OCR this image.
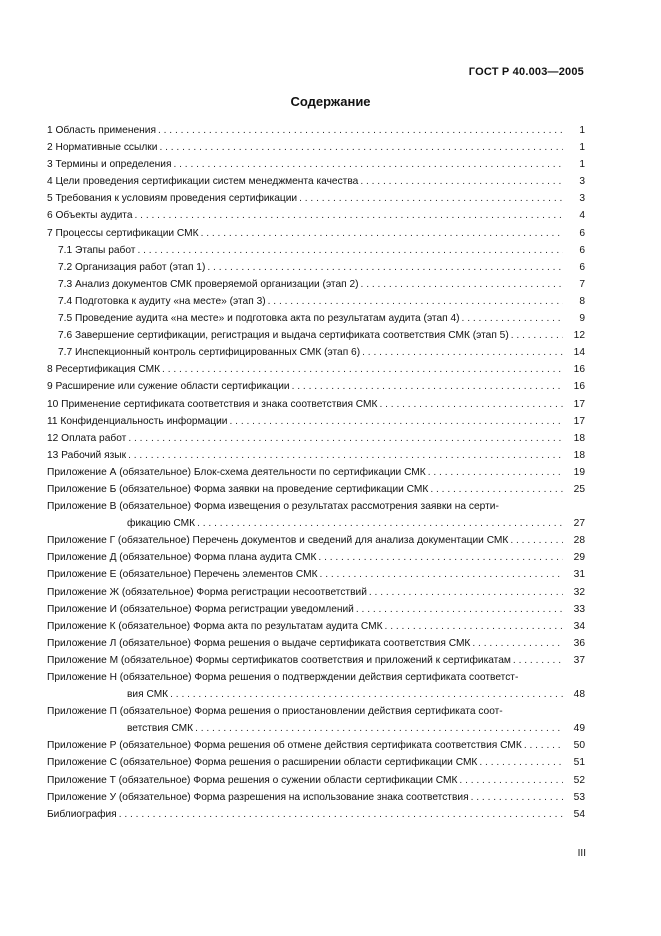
ГОСТ Р 40.003—2005
Содержание
1 Область применения . . .	1
2 Нормативные ссылки . . .	1
3 Термины и определения . . .	1
4 Цели проведения сертификации систем менеджмента качества . . .	3
5 Требования к условиям проведения сертификации . . .	3
6 Объекты аудита . . .	4
7 Процессы сертификации СМК . . .	6
7.1 Этапы работ . . .	6
7.2 Организация работ (этап 1) . . .	6
7.3 Анализ документов СМК проверяемой организации (этап 2) . . .	7
7.4 Подготовка к аудиту «на месте» (этап 3) . . .	8
7.5 Проведение аудита «на месте» и подготовка акта по результатам аудита (этап 4) . . .	9
7.6 Завершение сертификации, регистрация и выдача сертификата соответствия СМК (этап 5) . . .	12
7.7 Инспекционный контроль сертифицированных СМК (этап 6) . . .	14
8 Ресертификация СМК . . .	16
9 Расширение или сужение области сертификации . . .	16
10 Применение сертификата соответствия и знака соответствия СМК . . .	17
11 Конфиденциальность информации . . .	17
12 Оплата работ . . .	18
13 Рабочий язык . . .	18
Приложение А (обязательное) Блок-схема деятельности по сертификации СМК . . .	19
Приложение Б (обязательное) Форма заявки на проведение сертификации СМК . . .	25
Приложение В (обязательное) Форма извещения о результатах рассмотрения заявки на серти-
фикацию СМК . . .	27
Приложение Г (обязательное) Перечень документов и сведений для анализа документации СМК . . .	28
Приложение Д (обязательное) Форма плана аудита СМК . . .	29
Приложение Е (обязательное) Перечень элементов СМК . . .	31
Приложение Ж (обязательное) Форма регистрации несоответствий . . .	32
Приложение И (обязательное) Форма регистрации уведомлений . . .	33
Приложение К (обязательное) Форма акта по результатам аудита СМК . . .	34
Приложение Л (обязательное) Форма решения о выдаче сертификата соответствия СМК . . .	36
Приложение М (обязательное) Формы сертификатов соответствия и приложений к сертификатам . . .	37
Приложение Н (обязательное) Форма решения о подтверждении действия сертификата соответст-
вия СМК . . .	48
Приложение П (обязательное) Форма решения о приостановлении действия сертификата соот-
ветствия СМК . . .	49
Приложение Р (обязательное) Форма решения об отмене действия сертификата соответствия СМК . . .	50
Приложение С (обязательное) Форма решения о расширении области сертификации СМК . . .	51
Приложение Т (обязательное) Форма решения о сужении области сертификации СМК . . .	52
Приложение У (обязательное) Форма разрешения на использование знака соответствия . . .	53
Библиография . . .	54
III
